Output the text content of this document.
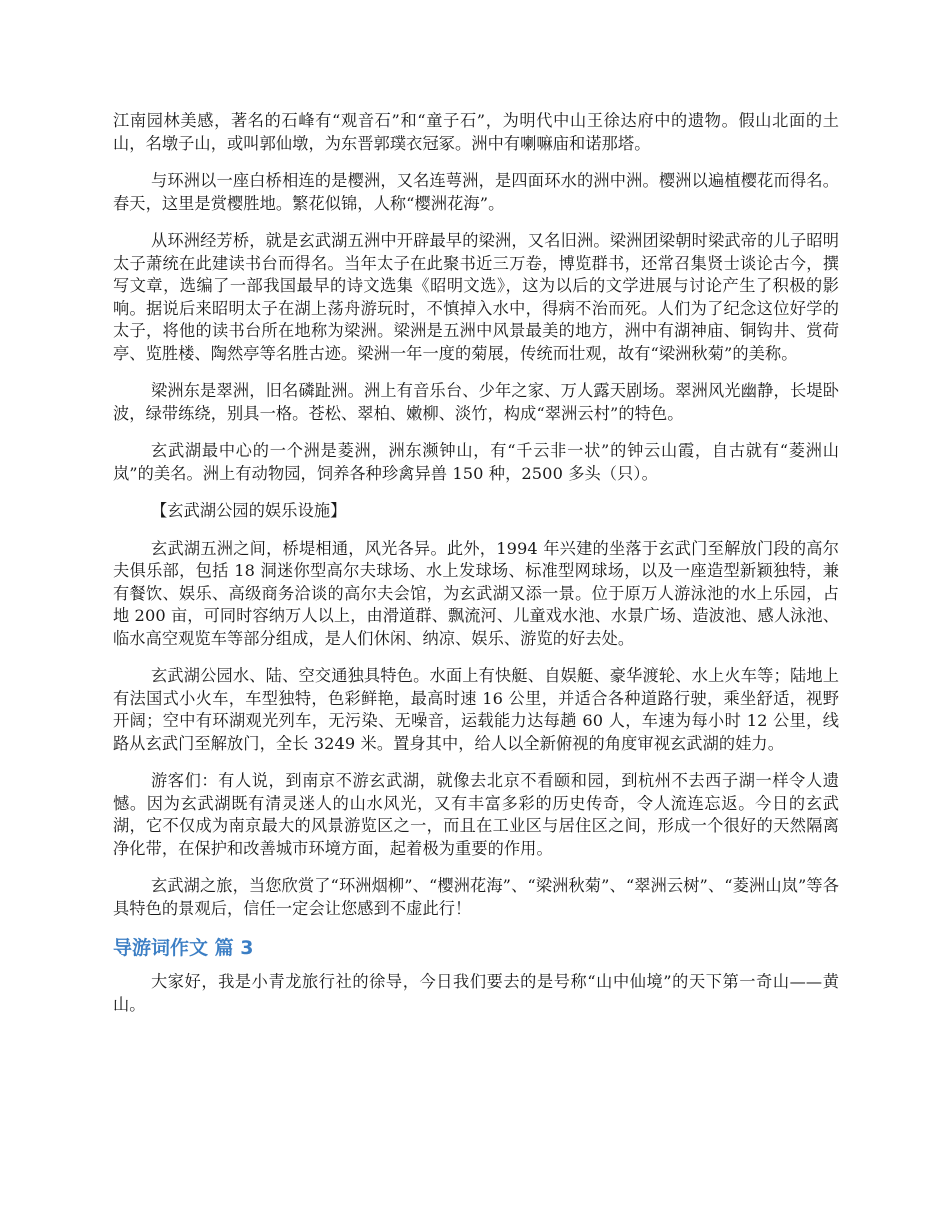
江南园林美感，著名的石峰有“观音石”和“童子石”，为明代中山王徐达府中的遗物。假山北面的土山，名墩子山，或叫郭仙墩，为东晋郭璞衣冠冢。洲中有喇嘛庙和诺那塔。

与环洲以一座白桥相连的是樱洲，又名连萼洲，是四面环水的洲中洲。樱洲以遍植樱花而得名。春天，这里是赏樱胜地。繁花似锦，人称“樱洲花海”。

从环洲经芳桥，就是玄武湖五洲中开辟最早的梁洲，又名旧洲。梁洲团梁朝时梁武帝的儿子昭明太子萧统在此建读书台而得名。当年太子在此聚书近三万卷，博览群书，还常召集贤士谈论古今，撰写文章，选编了一部我国最早的诗文选集《昭明文选》，这为以后的文学进展与讨论产生了积极的影响。据说后来昭明太子在湖上荡舟游玩时，不慎掉入水中，得病不治而死。人们为了纪念这位好学的太子，将他的读书台所在地称为梁洲。梁洲是五洲中风景最美的地方，洲中有湖神庙、铜钩井、赏荷亭、览胜楼、陶然亭等名胜古迹。梁洲一年一度的菊展，传统而壮观，故有“梁洲秋菊”的美称。

梁洲东是翠洲，旧名磷趾洲。洲上有音乐台、少年之家、万人露天剧场。翠洲风光幽静，长堤卧波，绿带练绕，别具一格。苍松、翠柏、嫩柳、淡竹，构成“翠洲云村”的特色。

玄武湖最中心的一个洲是菱洲，洲东濒钟山，有“千云非一状”的钟云山霞，自古就有“菱洲山岚”的美名。洲上有动物园，饲养各种珍禽异兽 150 种，2500 多头（只）。

【玄武湖公园的娱乐设施】

玄武湖五洲之间，桥堤相通，风光各异。此外，1994 年兴建的坐落于玄武门至解放门段的高尔夫俱乐部，包括 18 洞迷你型高尔夫球场、水上发球场、标准型网球场，以及一座造型新颖独特，兼有餐饮、娱乐、高级商务洽谈的高尔夫会馆，为玄武湖又添一景。位于原万人游泳池的水上乐园，占地 200 亩，可同时容纳万人以上，由滑道群、飘流河、儿童戏水池、水景广场、造波池、感人泳池、临水高空观览车等部分组成，是人们休闲、纳凉、娱乐、游览的好去处。

玄武湖公园水、陆、空交通独具特色。水面上有快艇、自娱艇、豪华渡轮、水上火车等；陆地上有法国式小火车，车型独特，色彩鲜艳，最高时速 16 公里，并适合各种道路行驶，乘坐舒适，视野开阔；空中有环湖观光列车，无污染、无噪音，运载能力达每趟 60 人，车速为每小时 12 公里，线路从玄武门至解放门，全长 3249 米。置身其中，给人以全新俯视的角度审视玄武湖的娃力。

游客们：有人说，到南京不游玄武湖，就像去北京不看颐和园，到杭州不去西子湖一样令人遗憾。因为玄武湖既有清灵迷人的山水风光，又有丰富多彩的历史传奇，令人流连忘返。今日的玄武湖，它不仅成为南京最大的风景游览区之一，而且在工业区与居住区之间，形成一个很好的天然隔离净化带，在保护和改善城市环境方面，起着极为重要的作用。

玄武湖之旅，当您欣赏了“环洲烟柳”、“樱洲花海”、“梁洲秋菊”、“翠洲云树”、“菱洲山岚”等各具特色的景观后，信任一定会让您感到不虚此行！

导游词作文 篇 3

大家好，我是小青龙旅行社的徐导，今日我们要去的是号称“山中仙境”的天下第一奇山——黄山。
